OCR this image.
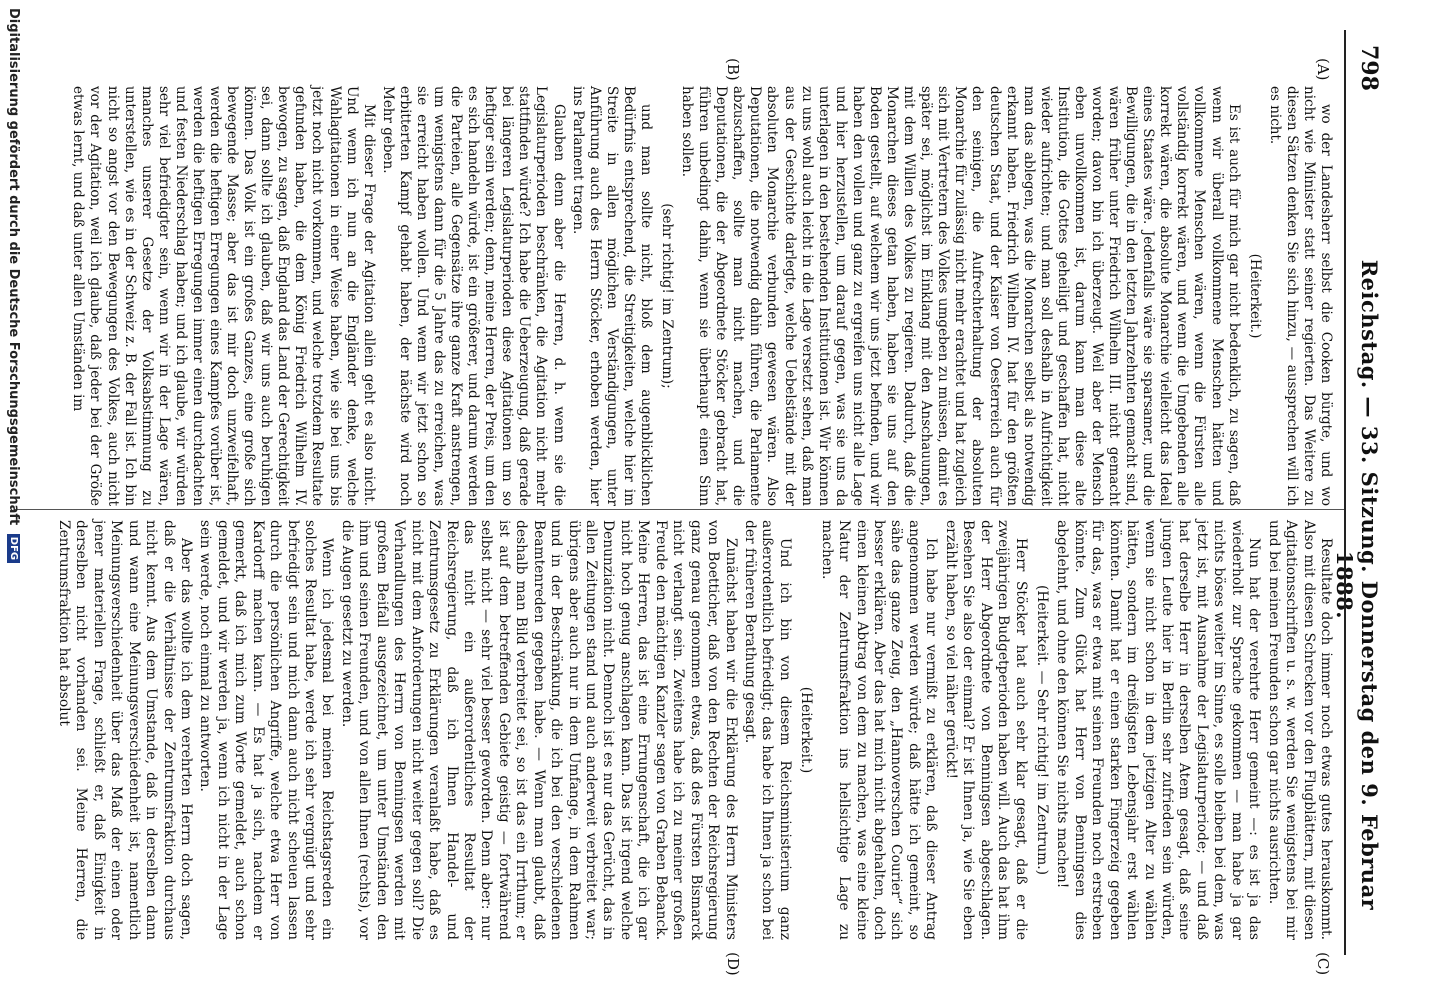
798
Reichstag. — 33. Sitzung. Donnerstag den 9. Februar 1888.
(A)
(B)
(C)
(D)

wo der Landesherr selbst die Cooken bürgte, und wo nicht wie Minister statt seiner regierten. Das Weitere zu diesen Sätzen denken Sie sich hinzu, — aussprechen will ich es nicht.

(Heiterkeit.)

Es ist auch für mich gar nicht bedenklich, zu sagen, daß wenn wir überall vollkommene Menschen hätten und vollkommene Menschen wären, wenn die Fürsten alle vollständig korrekt wären, und wenn die Umgebenden alle korrekt wären, die absolute Monarchie vielleicht das Ideal eines Staates wäre. Jedenfalls wäre sie sparsamer, und die Bewilligungen, die in den letzten Jahrzehnten gemacht sind, wären früher unter Friedrich Wilhelm III. nicht gemacht worden; davon bin ich überzeugt. Weil aber der Mensch eben unvollkommen ist, darum kann man diese alte Institution, die Gottes geheiligt und geschaffen hat, nicht wieder aufrichten; und man soll deshalb in Aufrichtigkeit man das ablegen, was die Monarchen selbst als notwendig erkannt haben. Friedrich Wilhelm IV. hat für den größten deutschen Staat, und der Kaiser von Oesterreich auch für den seinigen, die Aufrechterhaltung der absoluten Monarchie für zulässig nicht mehr erachtet und hat zugleich sich mit Vertretern des Volkes umgeben zu müssen, damit es später sei, möglichst im Einklang mit den Anschauungen, mit dem Willen des Volkes zu regieren. Dadurch, daß die Monarchen dieses getan haben, haben sie uns auf den Boden gestellt, auf welchem wir uns jetzt befinden, und wir haben den vollen und ganz zu ergreifen uns nicht alle Lage und hier herzustellen, um darauf gegen, was sie uns da unterlagen in den bestehenden Institutionen ist. Wir können zu uns wohl auch leicht in die Lage versetzt sehen, daß man aus der Geschichte darlegte, welche Uebelstände mit der absoluten Monarchie verbunden gewesen wären. Also Deputationen, die notwendig dahin führen, die Parlamente abzuschaffen, sollte man nicht machen, und die Deputationen, die der Abgeordnete Stöcker gebracht hat, führen unbedingt dahin, wenn sie überhaupt einen Sinn haben sollen.

(sehr richtig! im Zentrum);

und man sollte nicht, bloß dem augenblicklichen Bedürfnis entsprechend, die Streitigkeiten, welche hier im Streite in allen möglichen Verständigungen, unter Anführung auch des Herrn Stöcker, erhoben werden, hier ins Parlament tragen.

Glauben denn aber die Herren, d. h. wenn sie die Legislaturperioden beschränken, die Agitation nicht mehr stattfinden würde? Ich habe die Ueberzeugung, daß gerade bei längeren Legislaturperioden diese Agitationen um so heftiger sein werden; denn, meine Herren, der Preis, um den es sich handeln würde, ist ein größerer, und darum werden die Parteien, alle Gegensätze ihre ganze Kraft anstrengen, um wenigstens dann für die 5 Jahre das zu erreichen, was sie erreicht haben wollen. Und wenn wir jetzt schon so erbitterten Kampf gehabt haben, der nächste wird noch Mehr geben.

Mit dieser Frage der Agitation allein geht es also nicht. Und wenn ich nun an die Engländer denke, welche Wahlagitationen in einer Weise haben, wie sie bei uns bis jetzt noch nicht vorkommen, und welche trotzdem Resultate gefunden haben, die dem König Friedrich Wilhelm IV. bewogen, zu sagen, daß England das Land der Gerechtigkeit sei, dann sollte ich glauben, daß wir uns auch beruhigen können. Das Volk ist ein großes Ganzes, eine große sich bewegende Masse; aber das ist mir doch unzweifelhaft, werden die heftigen Erregungen eines Kampfes vorüber ist, werden die heftigen Erregungen immer einen durchdachten und festen Niederschlag haben; und ich glaube, wir würden sehr viel befriedigter sein, wenn wir in der Lage wären, manches unserer Gesetze der Volksabstimmung zu unterstellen, wie es in der Schweiz z. B. der Fall ist. Ich bin nicht so angst vor den Bewegungen des Volkes, auch nicht vor der Agitation, weil ich glaube, daß jeder bei der Größe etwas lernt, und daß unter allen Umständen im

Resultate doch immer noch etwas gutes herauskommt. Also mit diesen Schrecken vor den Flugblättern, mit diesen Agitationsschriften u. s. w. werden Sie wenigstens bei mir und bei meinen Freunden schon gar nichts ausrichten.

Nun hat der verehrte Herr gemeint —: es ist ja das wiederholt zur Sprache gekommen — man habe ja gar nichts böses weiter im Sinne, es solle bleiben bei dem, was jetzt ist, mit Ausnahme der Legislaturperiode; — und daß hat derselbe Herr in derselben Atem gesagt, daß seine jungen Leute hier in Berlin sehr zufrieden sein würden, wenn sie nicht schon in dem jetzigen Alter zu wählen hätten, sondern im dreißigsten Lebensjahr erst wählen könnten. Damit hat er einen starken Fingerzeig gegeben für das, was er etwa mit seinen Freunden noch erstreben könnte. Zum Glück hat Herr von Benningsen dies abgelehnt, und ohne den können Sie nichts machen!

(Heiterkeit. — Sehr richtig! im Zentrum.)

Herr Stöcker hat auch sehr klar gesagt, daß er die zweijährigen Budgetperioden haben will. Auch das hat ihm der Herr Abgeordnete von Benningsen abgeschlagen. Besehen Sie also der einmal? Er ist Ihnen ja, wie Sie eben erzählt haben, so viel näher gerückt!

Ich habe nur vermißt zu erklären, daß dieser Antrag angenommen werden würde; daß hätte ich gemeint, so sähe das ganze Zeug, den „Hannoverschen Courier“ sich besser erklären. Aber das hat mich nicht abgehalten, doch einen kleinen Abtrag von dem zu machen, was eine kleine Natur der Zentrumsfraktion ins hellsichtige Lage zu machen.

(Heiterkeit.)

Und ich bin von diesem Reichsministerium ganz außerordentlich befriedigt; das habe ich Ihnen ja schon bei der früheren Berathung gesagt.

Zunächst haben wir die Erklärung des Herrn Ministers von Boetticher, daß von den Rechten der Reichsregierung ganz genau genommen etwas, daß des Fürsten Bismarck nicht verlangt sein. Zweitens habe ich zu meiner großen Freude den mächtigen Kanzler sagen von Graben Bebanck. Meine Herren, das ist eine Errungenschaft, die ich gar nicht hoch genug anschlagen kann. Das ist irgend welche Denunziation nicht. Dennoch ist es nur das Gerücht, das in allen Zeitungen stand und auch anderweit verbreitet war; übrigens aber auch nur in dem Umfange, in dem Rahmen und in der Beschränkung, die ich bei den verschiedenen Beamtenreden gegeben habe. — Wenn man glaubt, daß deshalb man Bild verbreitet sei, so ist das ein Irrthum; er ist auf dem betreffenden Gebiete geistig — fortwährend selbst nicht — sehr viel besser geworden. Denn aber: nur das nicht ein außerordentliches Resultat der Reichsregierung, daß ich Ihnen Handel- und Zentrumsgesetz zu Erklärungen veranlaßt habe, daß es nicht mit dem Anforderungen nicht weiter gegen soll? Die Verhandlungen des Herrn von Benningsen werden mit großem Beifall ausgezeichnet, um unter Umständen den ihm und seinen Freunden, und von allen Ihnen (rechts), vor die Augen gesetzt zu werden.

Wenn ich jedesmal bei meinen Reichstagsreden ein solches Resultat habe, werde ich sehr vergnügt und sehr befriedigt sein und mich dann auch nicht scheuen lassen durch die persönlichen Angriffe, welche etwa Herr von Kardorff machen kann. — Es hat ja sich, nachdem er gemerkt, daß ich mich zum Worte gemeldet, auch schon gemeldet, und wir werden ja, wenn ich nicht in der Lage sein werde, noch einmal zu antworten.

Aber das wollte ich dem verehrten Herrn doch sagen, daß er die Verhältnisse der Zentrumsfraktion durchaus nicht kennt. Aus dem Umstande, daß in derselben dann und wann eine Meinungsverschiedenheit ist, namentlich Meinungsverschiedenheit über das Maß der einen oder jener materiellen Frage, schließt er, daß Einigkeit in derselben nicht vorhanden sei. Meine Herren, die Zentrumsfraktion hat absolut

Digitalisierung gefördert durch die Deutsche Forschungsgemeinschaft DFG
